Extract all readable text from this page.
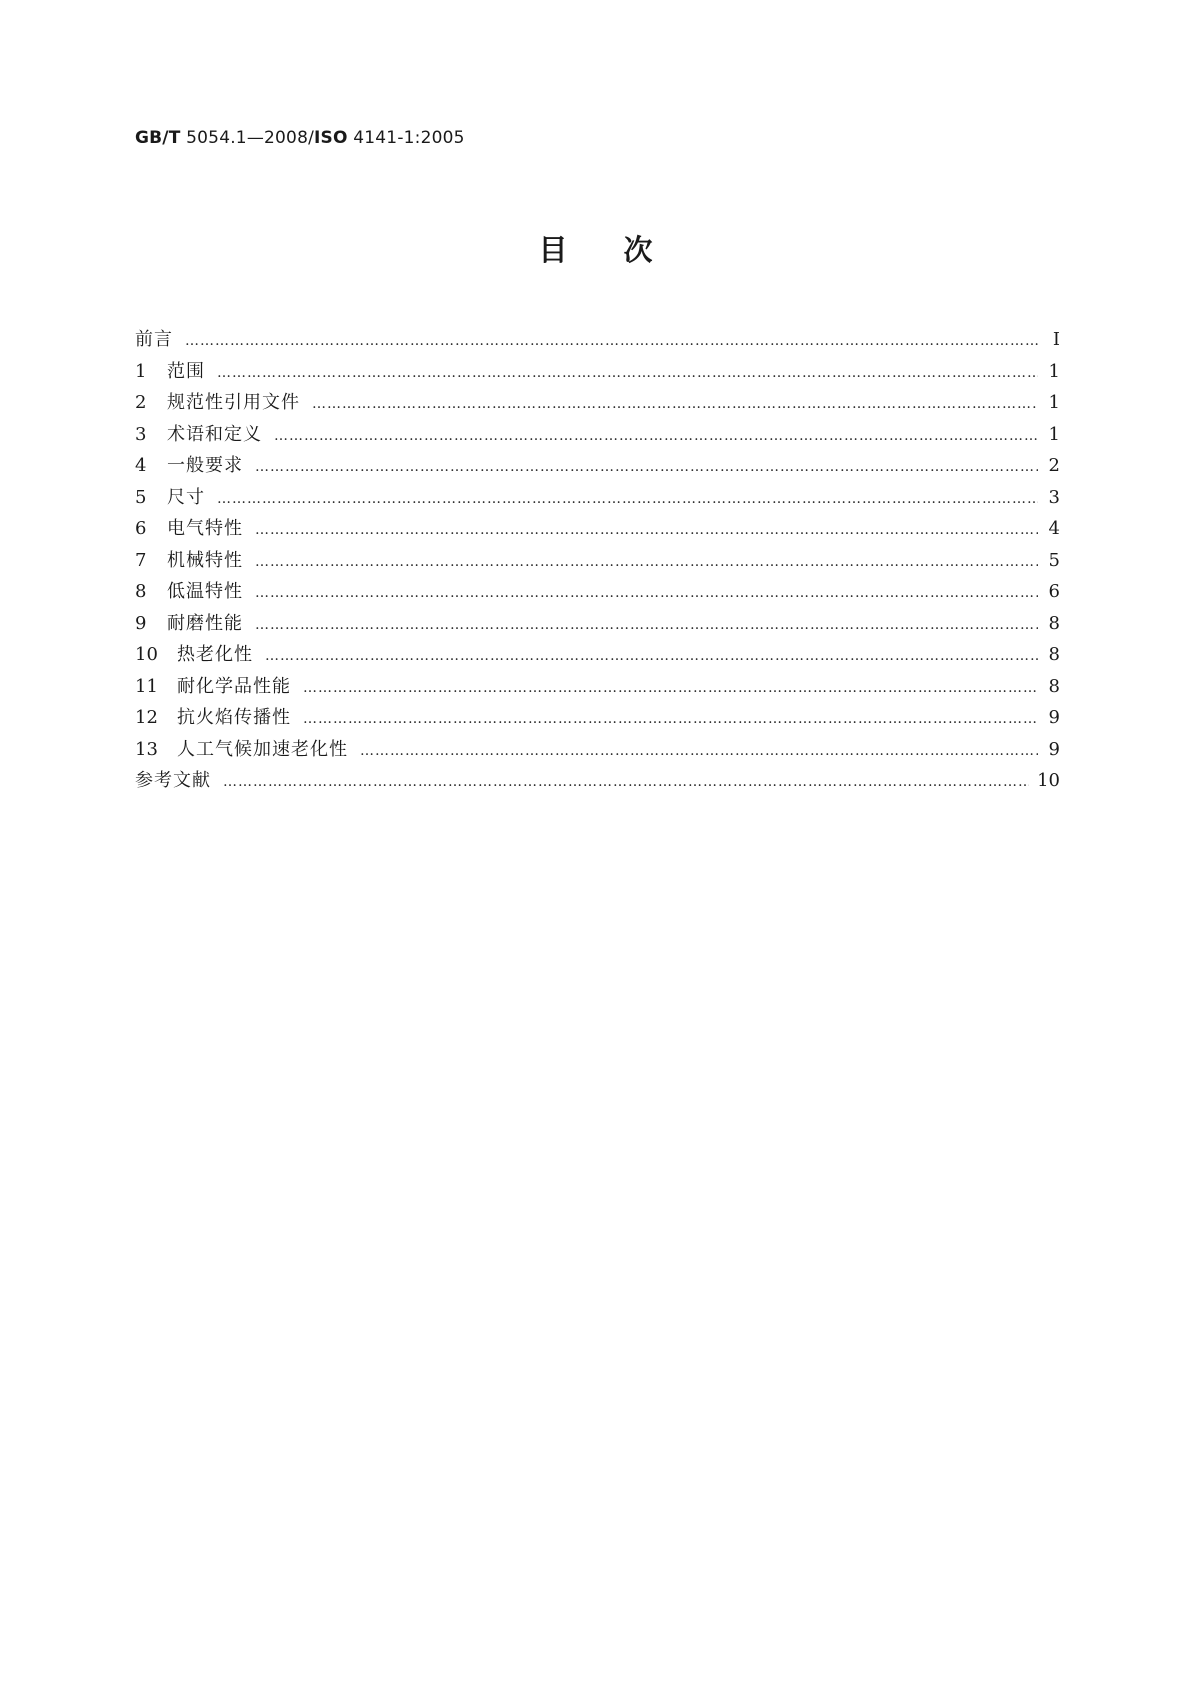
GB/T 5054.1—2008/ISO 4141-1:2005
目次
前言 ………………………………………………………………………………………………………………………………………………………………………………………………………………………………………………	Ⅰ
1	范围 ………………………………………………………………………………………………………………………………………………………………………………………………………………………………………………	1
2	规范性引用文件 ………………………………………………………………………………………………………………………………………………………………………………………………………………………………………………	1
3	术语和定义 ………………………………………………………………………………………………………………………………………………………………………………………………………………………………………………	1
4	一般要求 ………………………………………………………………………………………………………………………………………………………………………………………………………………………………………………	2
5	尺寸 ………………………………………………………………………………………………………………………………………………………………………………………………………………………………………………	3
6	电气特性 ………………………………………………………………………………………………………………………………………………………………………………………………………………………………………………	4
7	机械特性 ………………………………………………………………………………………………………………………………………………………………………………………………………………………………………………	5
8	低温特性 ………………………………………………………………………………………………………………………………………………………………………………………………………………………………………………	6
9	耐磨性能 ………………………………………………………………………………………………………………………………………………………………………………………………………………………………………………	8
10	热老化性 ………………………………………………………………………………………………………………………………………………………………………………………………………………………………………………	8
11	耐化学品性能 ………………………………………………………………………………………………………………………………………………………………………………………………………………………………………………	8
12	抗火焰传播性 ………………………………………………………………………………………………………………………………………………………………………………………………………………………………………………	9
13	人工气候加速老化性 ………………………………………………………………………………………………………………………………………………………………………………………………………………………………………………	9
参考文献 ………………………………………………………………………………………………………………………………………………………………………………………………………………………………………………	10
